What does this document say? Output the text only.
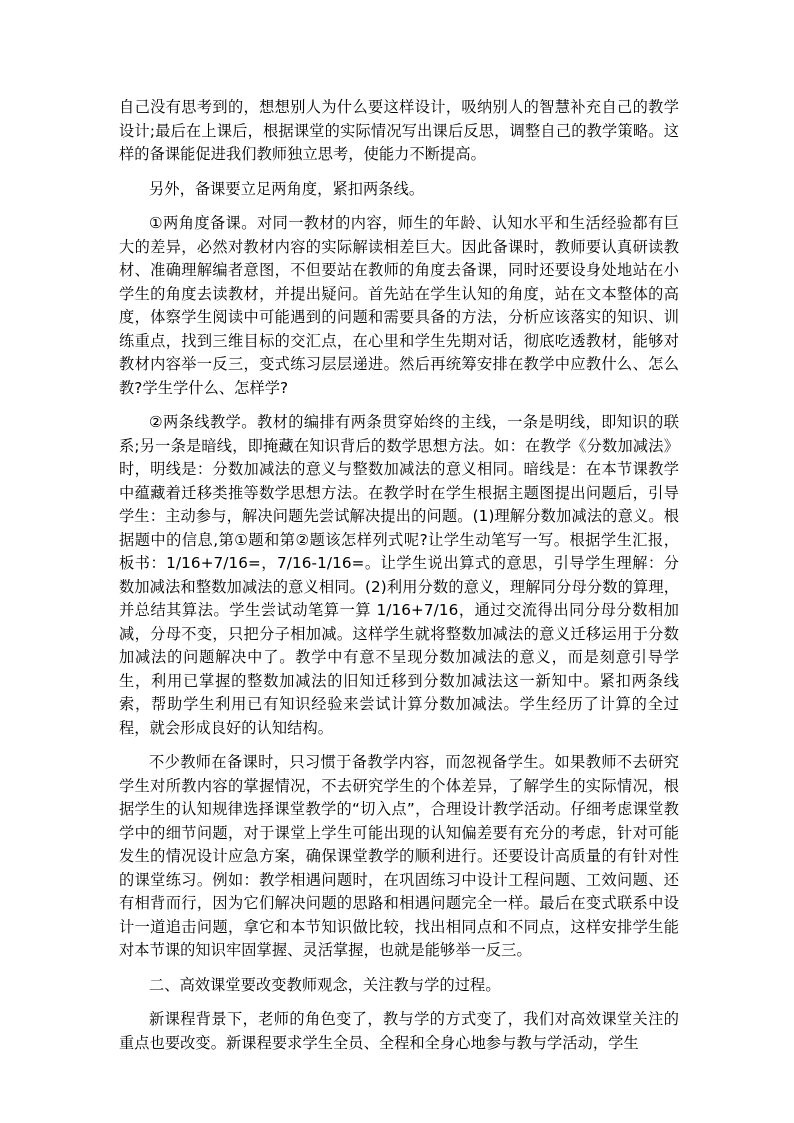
自己没有思考到的，想想别人为什么要这样设计，吸纳别人的智慧补充自己的教学设计;最后在上课后，根据课堂的实际情况写出课后反思，调整自己的教学策略。这样的备课能促进我们教师独立思考，使能力不断提高。

另外，备课要立足两角度，紧扣两条线。

①两角度备课。对同一教材的内容，师生的年龄、认知水平和生活经验都有巨大的差异，必然对教材内容的实际解读相差巨大。因此备课时，教师要认真研读教材、准确理解编者意图，不但要站在教师的角度去备课，同时还要设身处地站在小学生的角度去读教材，并提出疑问。首先站在学生认知的角度，站在文本整体的高度，体察学生阅读中可能遇到的问题和需要具备的方法，分析应该落实的知识、训练重点，找到三维目标的交汇点，在心里和学生先期对话，彻底吃透教材，能够对教材内容举一反三，变式练习层层递进。然后再统筹安排在教学中应教什么、怎么教?学生学什么、怎样学?

②两条线教学。教材的编排有两条贯穿始终的主线，一条是明线，即知识的联系;另一条是暗线，即掩藏在知识背后的数学思想方法。如：在教学《分数加减法》时，明线是：分数加减法的意义与整数加减法的意义相同。暗线是：在本节课教学中蕴藏着迁移类推等数学思想方法。在教学时在学生根据主题图提出问题后，引导学生：主动参与，解决问题先尝试解决提出的问题。(1)理解分数加减法的意义。根据题中的信息,第①题和第②题该怎样列式呢?让学生动笔写一写。根据学生汇报，板书：1/16+7/16=，7/16-1/16=。让学生说出算式的意思，引导学生理解：分数加减法和整数加减法的意义相同。(2)利用分数的意义，理解同分母分数的算理，并总结其算法。学生尝试动笔算一算 1/16+7/16，通过交流得出同分母分数相加减，分母不变，只把分子相加减。这样学生就将整数加减法的意义迁移运用于分数加减法的问题解决中了。教学中有意不呈现分数加减法的意义，而是刻意引导学生，利用已掌握的整数加减法的旧知迁移到分数加减法这一新知中。紧扣两条线索，帮助学生利用已有知识经验来尝试计算分数加减法。学生经历了计算的全过程，就会形成良好的认知结构。

不少教师在备课时，只习惯于备教学内容，而忽视备学生。如果教师不去研究学生对所教内容的掌握情况，不去研究学生的个体差异，了解学生的实际情况，根据学生的认知规律选择课堂教学的“切入点”，合理设计教学活动。仔细考虑课堂教学中的细节问题，对于课堂上学生可能出现的认知偏差要有充分的考虑，针对可能发生的情况设计应急方案，确保课堂教学的顺利进行。还要设计高质量的有针对性的课堂练习。例如：教学相遇问题时，在巩固练习中设计工程问题、工效问题、还有相背而行，因为它们解决问题的思路和相遇问题完全一样。最后在变式联系中设计一道追击问题，拿它和本节知识做比较，找出相同点和不同点，这样安排学生能对本节课的知识牢固掌握、灵活掌握，也就是能够举一反三。

二、高效课堂要改变教师观念，关注教与学的过程。

新课程背景下，老师的角色变了，教与学的方式变了，我们对高效课堂关注的重点也要改变。新课程要求学生全员、全程和全身心地参与教与学活动，学生
